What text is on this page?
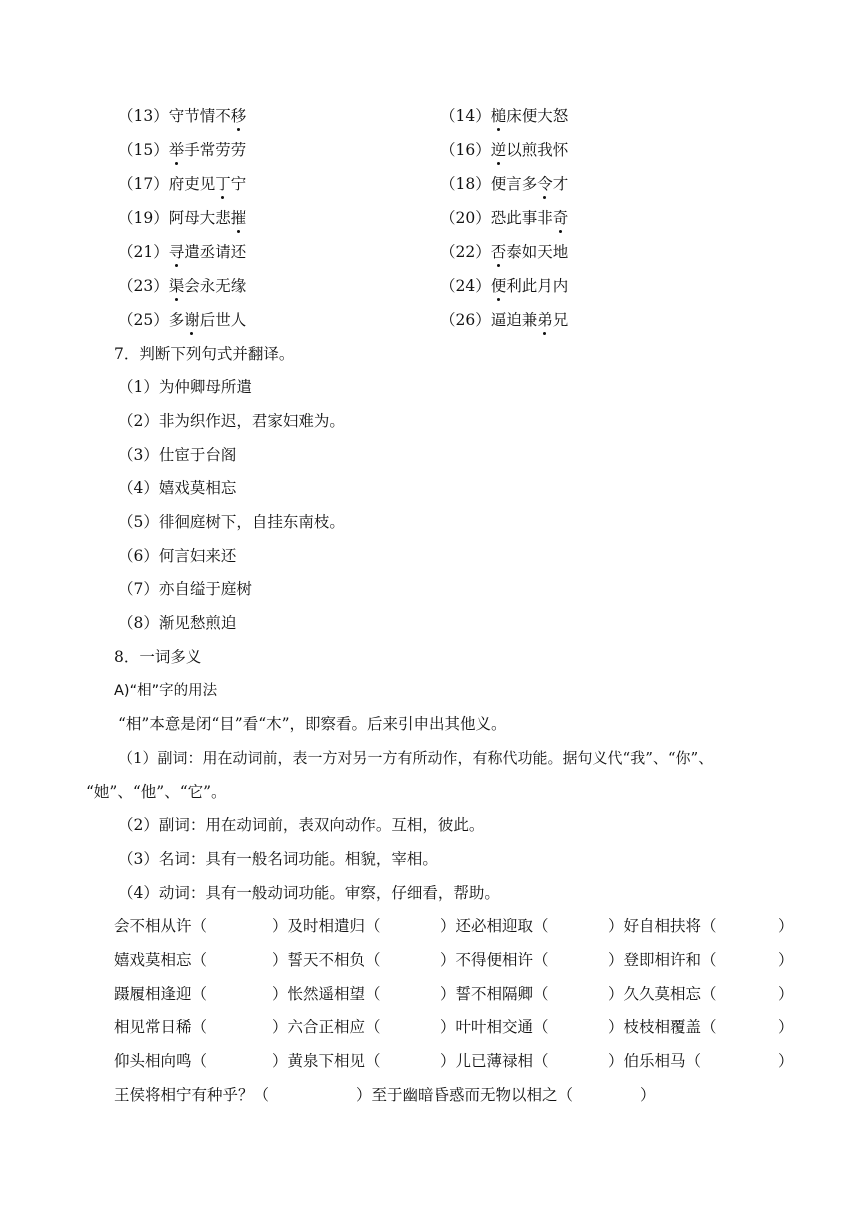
（13）守节情不移	（14）槌床便大怒
（15）举手常劳劳	（16）逆以煎我怀
（17）府吏见丁宁	（18）便言多令才
（19）阿母大悲摧	（20）恐此事非奇
（21）寻遣丞请还	（22）否泰如天地
（23）渠会永无缘	（24）便利此月内
（25）多谢后世人	（26）逼迫兼弟兄
7．判断下列句式并翻译。
（1）为仲卿母所遣
（2）非为织作迟，君家妇难为。
（3）仕宦于台阁
（4）嬉戏莫相忘
（5）徘徊庭树下，自挂东南枝。
（6）何言妇来还
（7）亦自缢于庭树
（8）渐见愁煎迫
8．一词多义
A)“相”字的用法
“相”本意是闭“目”看“木”，即察看。后来引申出其他义。
（1）副词：用在动词前，表一方对另一方有所动作，有称代功能。据句义代“我”、“你”、
“她”、“他”、“它”。
（2）副词：用在动词前，表双向动作。互相，彼此。
（3）名词：具有一般名词功能。相貌，宰相。
（4）动词：具有一般动词功能。审察，仔细看，帮助。
会不相从许（	）及时相遣归（	）还必相迎取（	）好自相扶将（	）
嬉戏莫相忘（	）誓天不相负（	）不得便相许（	）登即相许和（	）
蹑履相逢迎（	）怅然遥相望（	）誓不相隔卿（	）久久莫相忘（	）
相见常日稀（	）六合正相应（	）叶叶相交通（	）枝枝相覆盖（	）
仰头相向鸣（	）黄泉下相见（	）儿已薄禄相（	）伯乐相马（	）
王侯将相宁有种乎？（	）至于幽暗昏惑而无物以相之（	）
